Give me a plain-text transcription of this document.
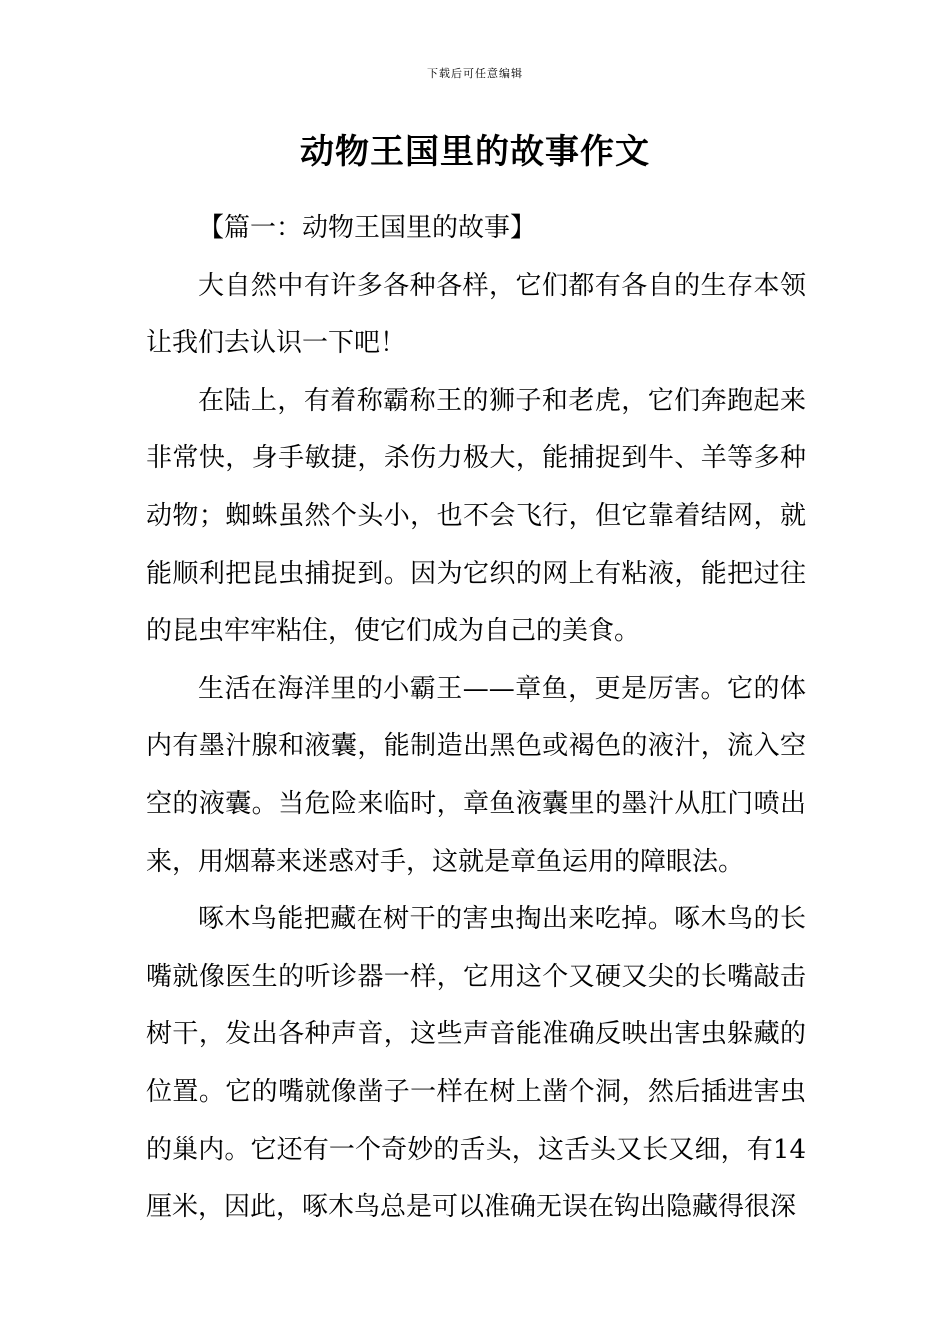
下载后可任意编辑
动物王国里的故事作文

【篇一：动物王国里的故事】

大自然中有许多各种各样，它们都有各自的生存本领让我们去认识一下吧！

在陆上，有着称霸称王的狮子和老虎，它们奔跑起来非常快，身手敏捷，杀伤力极大，能捕捉到牛、羊等多种动物；蜘蛛虽然个头小，也不会飞行，但它靠着结网，就能顺利把昆虫捕捉到。因为它织的网上有粘液，能把过往的昆虫牢牢粘住，使它们成为自己的美食。

生活在海洋里的小霸王——章鱼，更是厉害。它的体内有墨汁腺和液囊，能制造出黑色或褐色的液汁，流入空空的液囊。当危险来临时，章鱼液囊里的墨汁从肛门喷出来，用烟幕来迷惑对手，这就是章鱼运用的障眼法。

啄木鸟能把藏在树干的害虫掏出来吃掉。啄木鸟的长嘴就像医生的听诊器一样，它用这个又硬又尖的长嘴敲击树干，发出各种声音，这些声音能准确反映出害虫躲藏的位置。它的嘴就像凿子一样在树上凿个洞，然后插进害虫的巢内。它还有一个奇妙的舌头，这舌头又长又细，有14厘米，因此，啄木鸟总是可以准确无误在钩出隐藏得很深
